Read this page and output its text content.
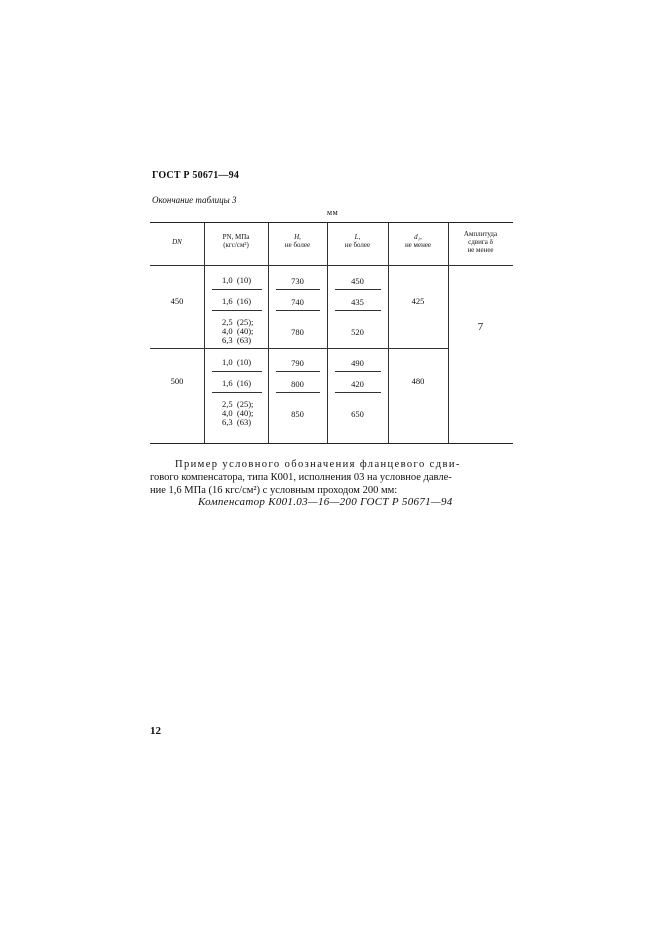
ГОСТ Р 50671—94
Окончание таблицы 3
мм
DN
PN, МПа
(кгс/см²)
H,
не более
L,
не более
d₁,
не менее
Амплитуда
сдвига δ
не менее
450
1,0  (10)
1,6  (16)
2,5  (25);
4,0  (40);
6,3  (63)
730
740
780
450
435
520
425
7
500
1,0  (10)
1,6  (16)
2,5  (25);
4,0  (40);
6,3  (63)
790
800
850
490
420
650
480
Пример условного обозначения фланцевого сдви-
гового компенсатора, типа К001, исполнения 03 на условное давле-
ние 1,6 МПа (16 кгс/см²) с условным проходом 200 мм:
Компенсатор К001.03—16—200 ГОСТ Р 50671—94
12
